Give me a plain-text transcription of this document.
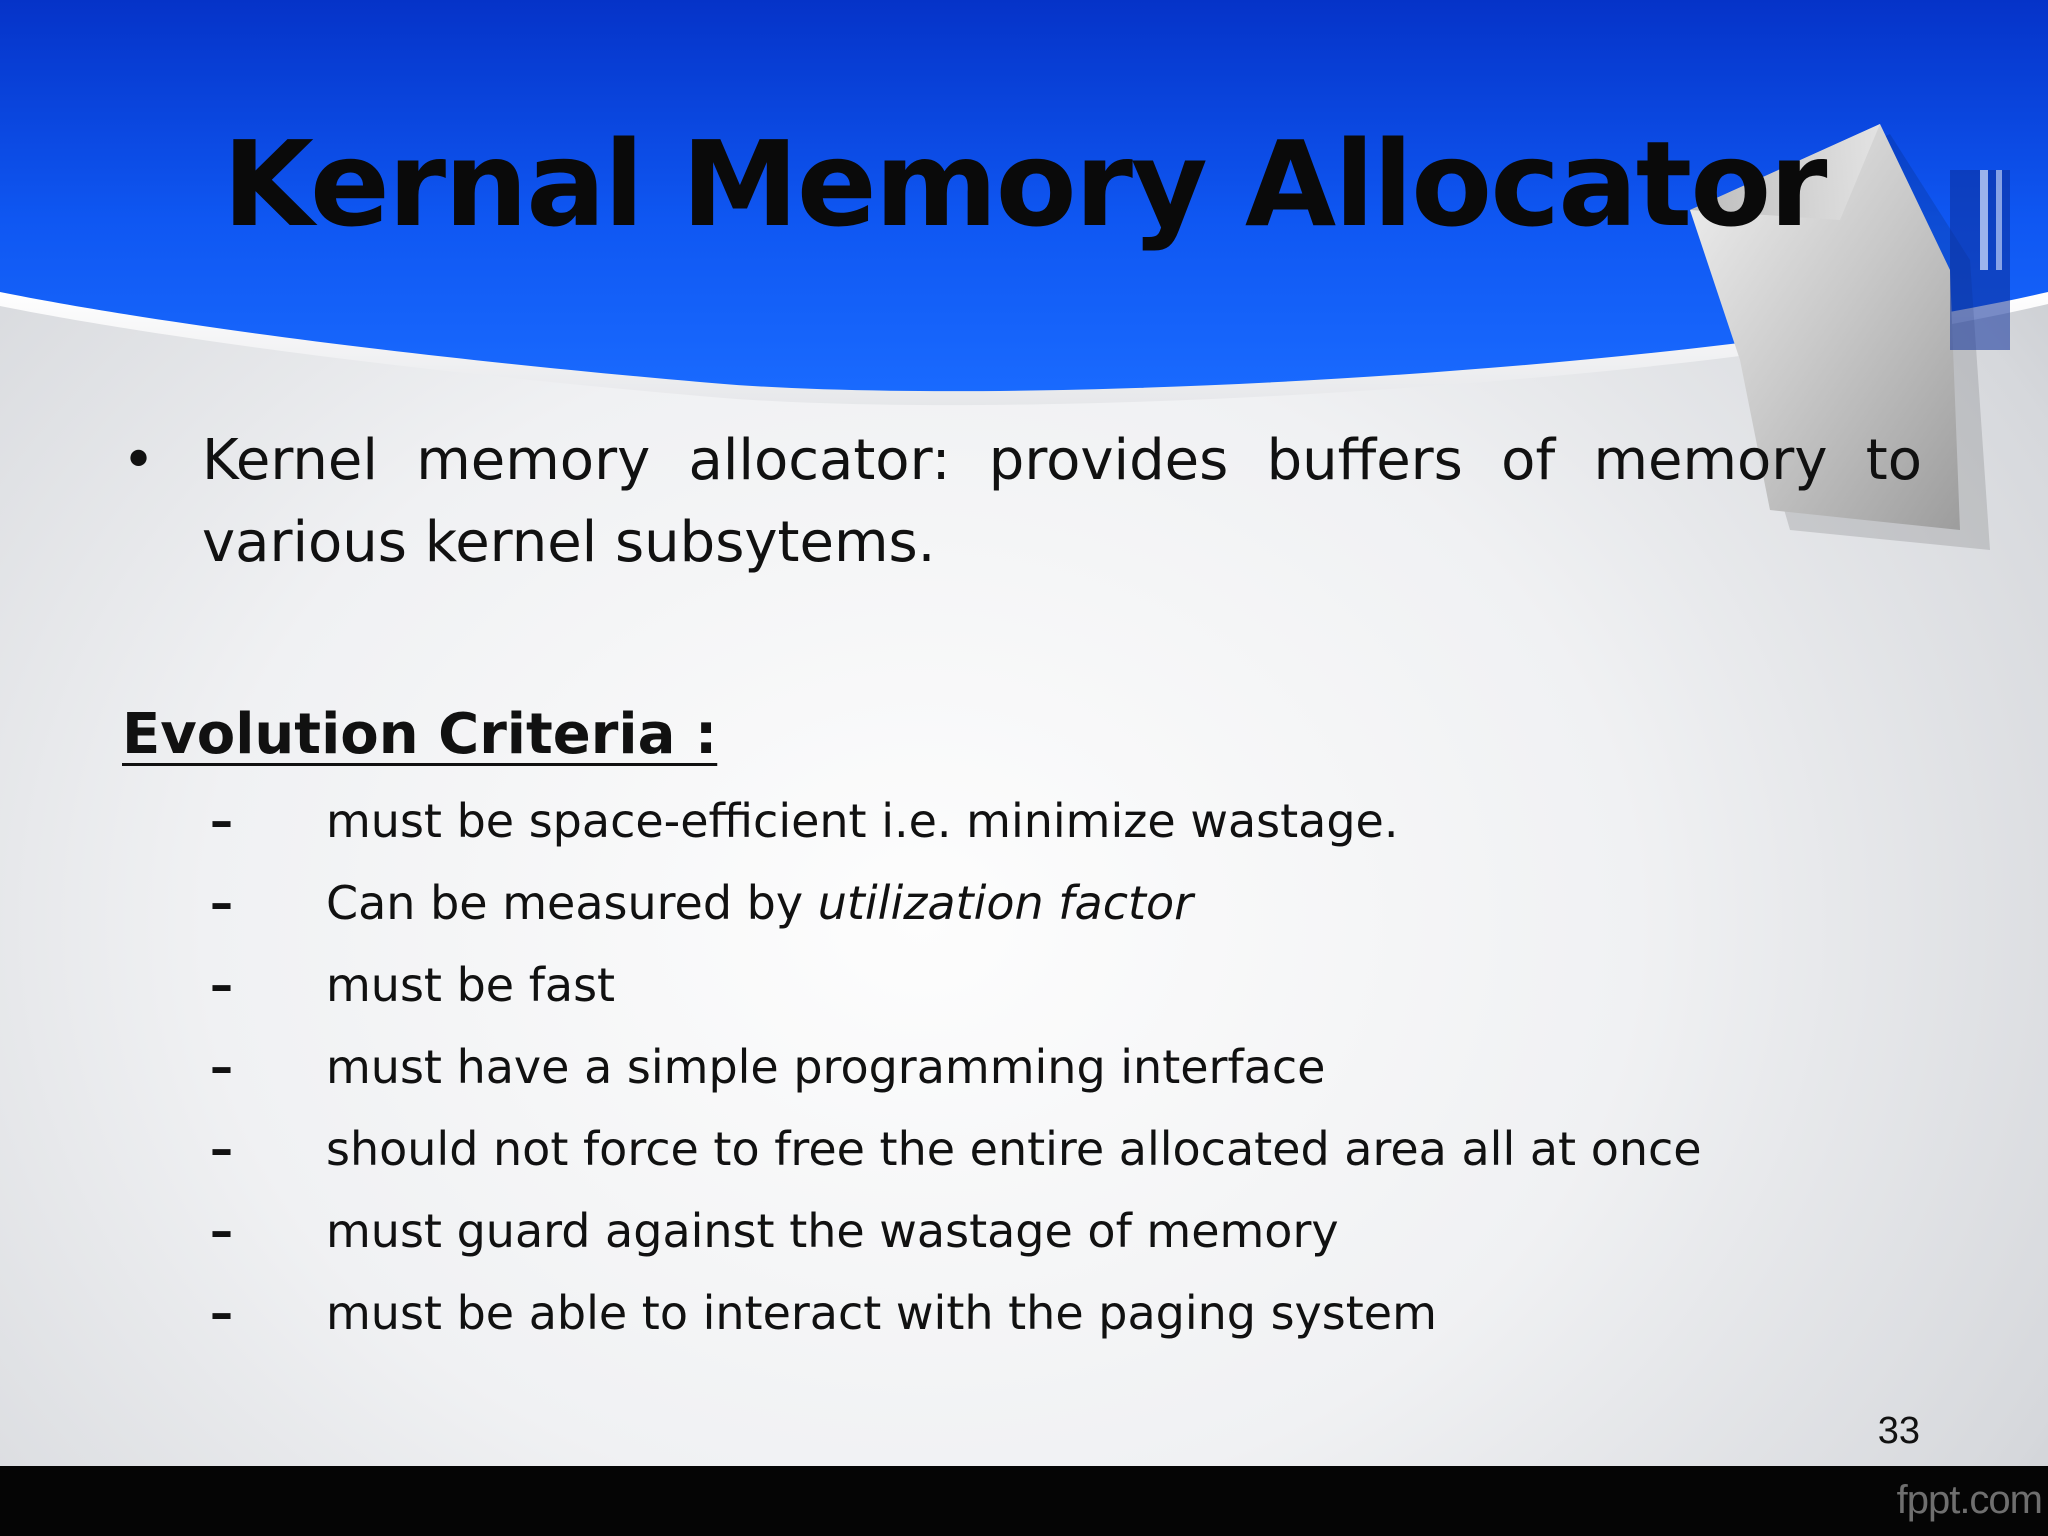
Kernal Memory Allocator
• Kernel memory allocator: provides buffers of memory to various kernel subsytems.
Evolution Criteria :
– must be space-efficient i.e. minimize wastage.
– Can be measured by utilization factor
– must be fast
– must have a simple programming interface
– should not force to free the entire allocated area all at once
– must guard against the wastage of memory
– must be able to interact with the paging system
33
fppt.com
